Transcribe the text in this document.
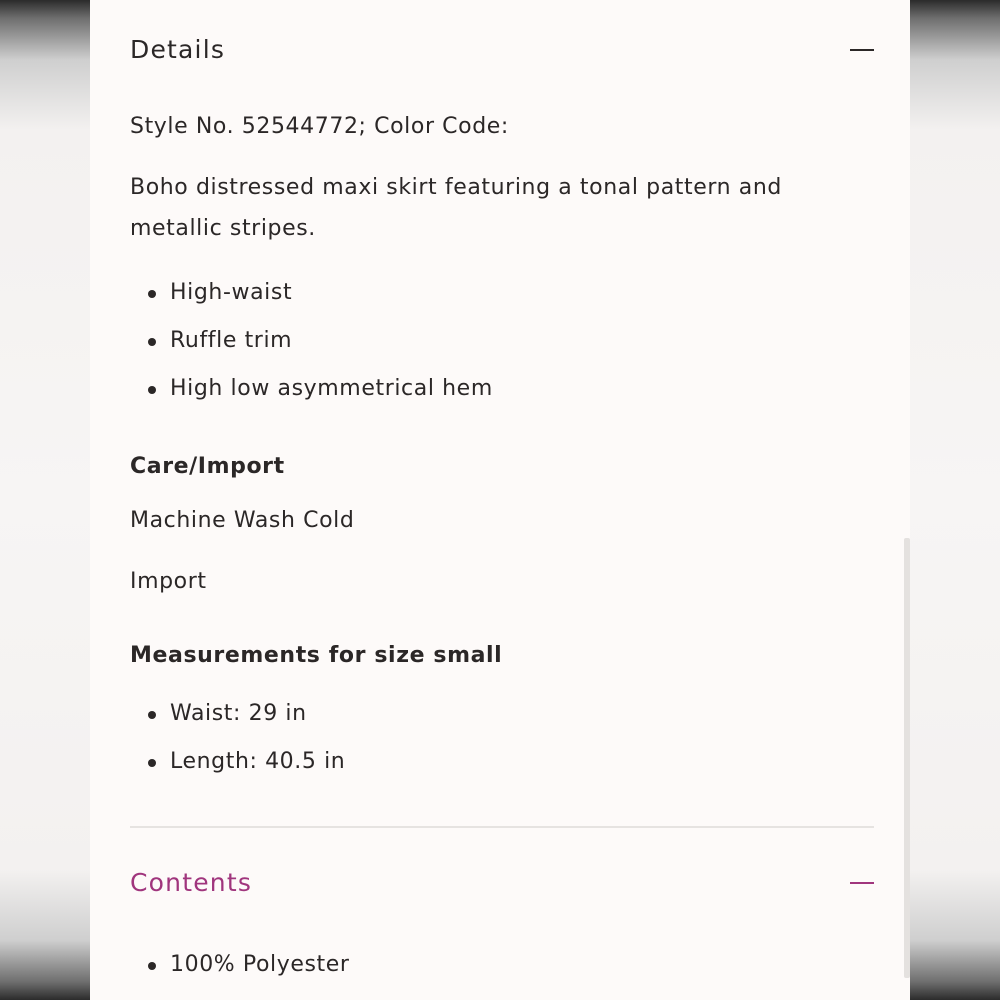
Details
Style No. 52544772; Color Code:
Boho distressed maxi skirt featuring a tonal pattern and
metallic stripes.
High-waist
Ruffle trim
High low asymmetrical hem
Care/Import
Machine Wash Cold
Import
Measurements for size small
Waist: 29 in
Length: 40.5 in
Contents
100% Polyester
